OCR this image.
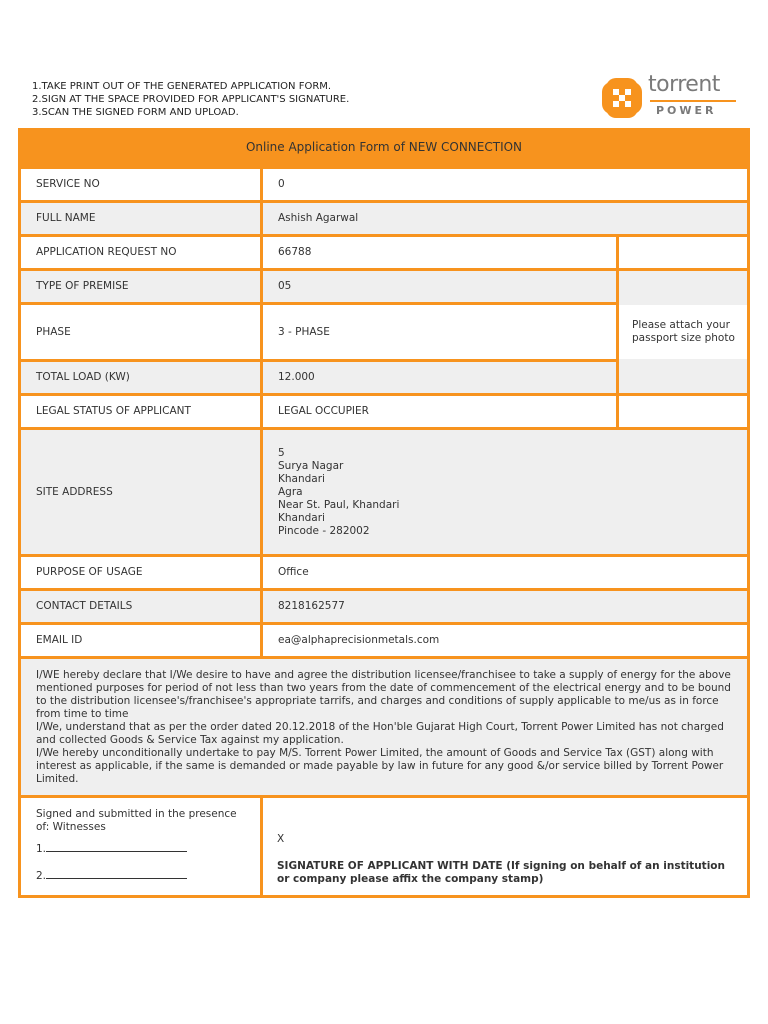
1.TAKE PRINT OUT OF THE GENERATED APPLICATION FORM.
2.SIGN AT THE SPACE PROVIDED FOR APPLICANT'S SIGNATURE.
3.SCAN THE SIGNED FORM AND UPLOAD.
torrent
POWER
Online Application Form of NEW CONNECTION
SERVICE NO	0
FULL NAME	Ashish Agarwal
APPLICATION REQUEST NO	66788
TYPE OF PREMISE	05
PHASE	3 - PHASE
Please attach your passport size photo
TOTAL LOAD (KW)	12.000
LEGAL STATUS OF APPLICANT	LEGAL OCCUPIER
SITE ADDRESS
5
Surya Nagar
Khandari
Agra
Near St. Paul, Khandari
Khandari
Pincode - 282002
PURPOSE OF USAGE	Office
CONTACT DETAILS	8218162577
EMAIL ID	ea@alphaprecisionmetals.com
I/WE hereby declare that I/We desire to have and agree the distribution licensee/franchisee to take a supply of energy for the above mentioned purposes for period of not less than two years from the date of commencement of the electrical energy and to be bound to the distribution licensee's/franchisee's appropriate tarrifs, and charges and conditions of supply applicable to me/us as in force from time to time
I/We, understand that as per the order dated 20.12.2018 of the Hon'ble Gujarat High Court, Torrent Power Limited has not charged and collected Goods & Service Tax against my application.
I/We hereby unconditionally undertake to pay M/S. Torrent Power Limited, the amount of Goods and Service Tax (GST) along with interest as applicable, if the same is demanded or made payable by law in future for any good &/or service billed by Torrent Power Limited.
Signed and submitted in the presence of: Witnesses
1.
2.
X
SIGNATURE OF APPLICANT WITH DATE (If signing on behalf of an institution or company please affix the company stamp)
